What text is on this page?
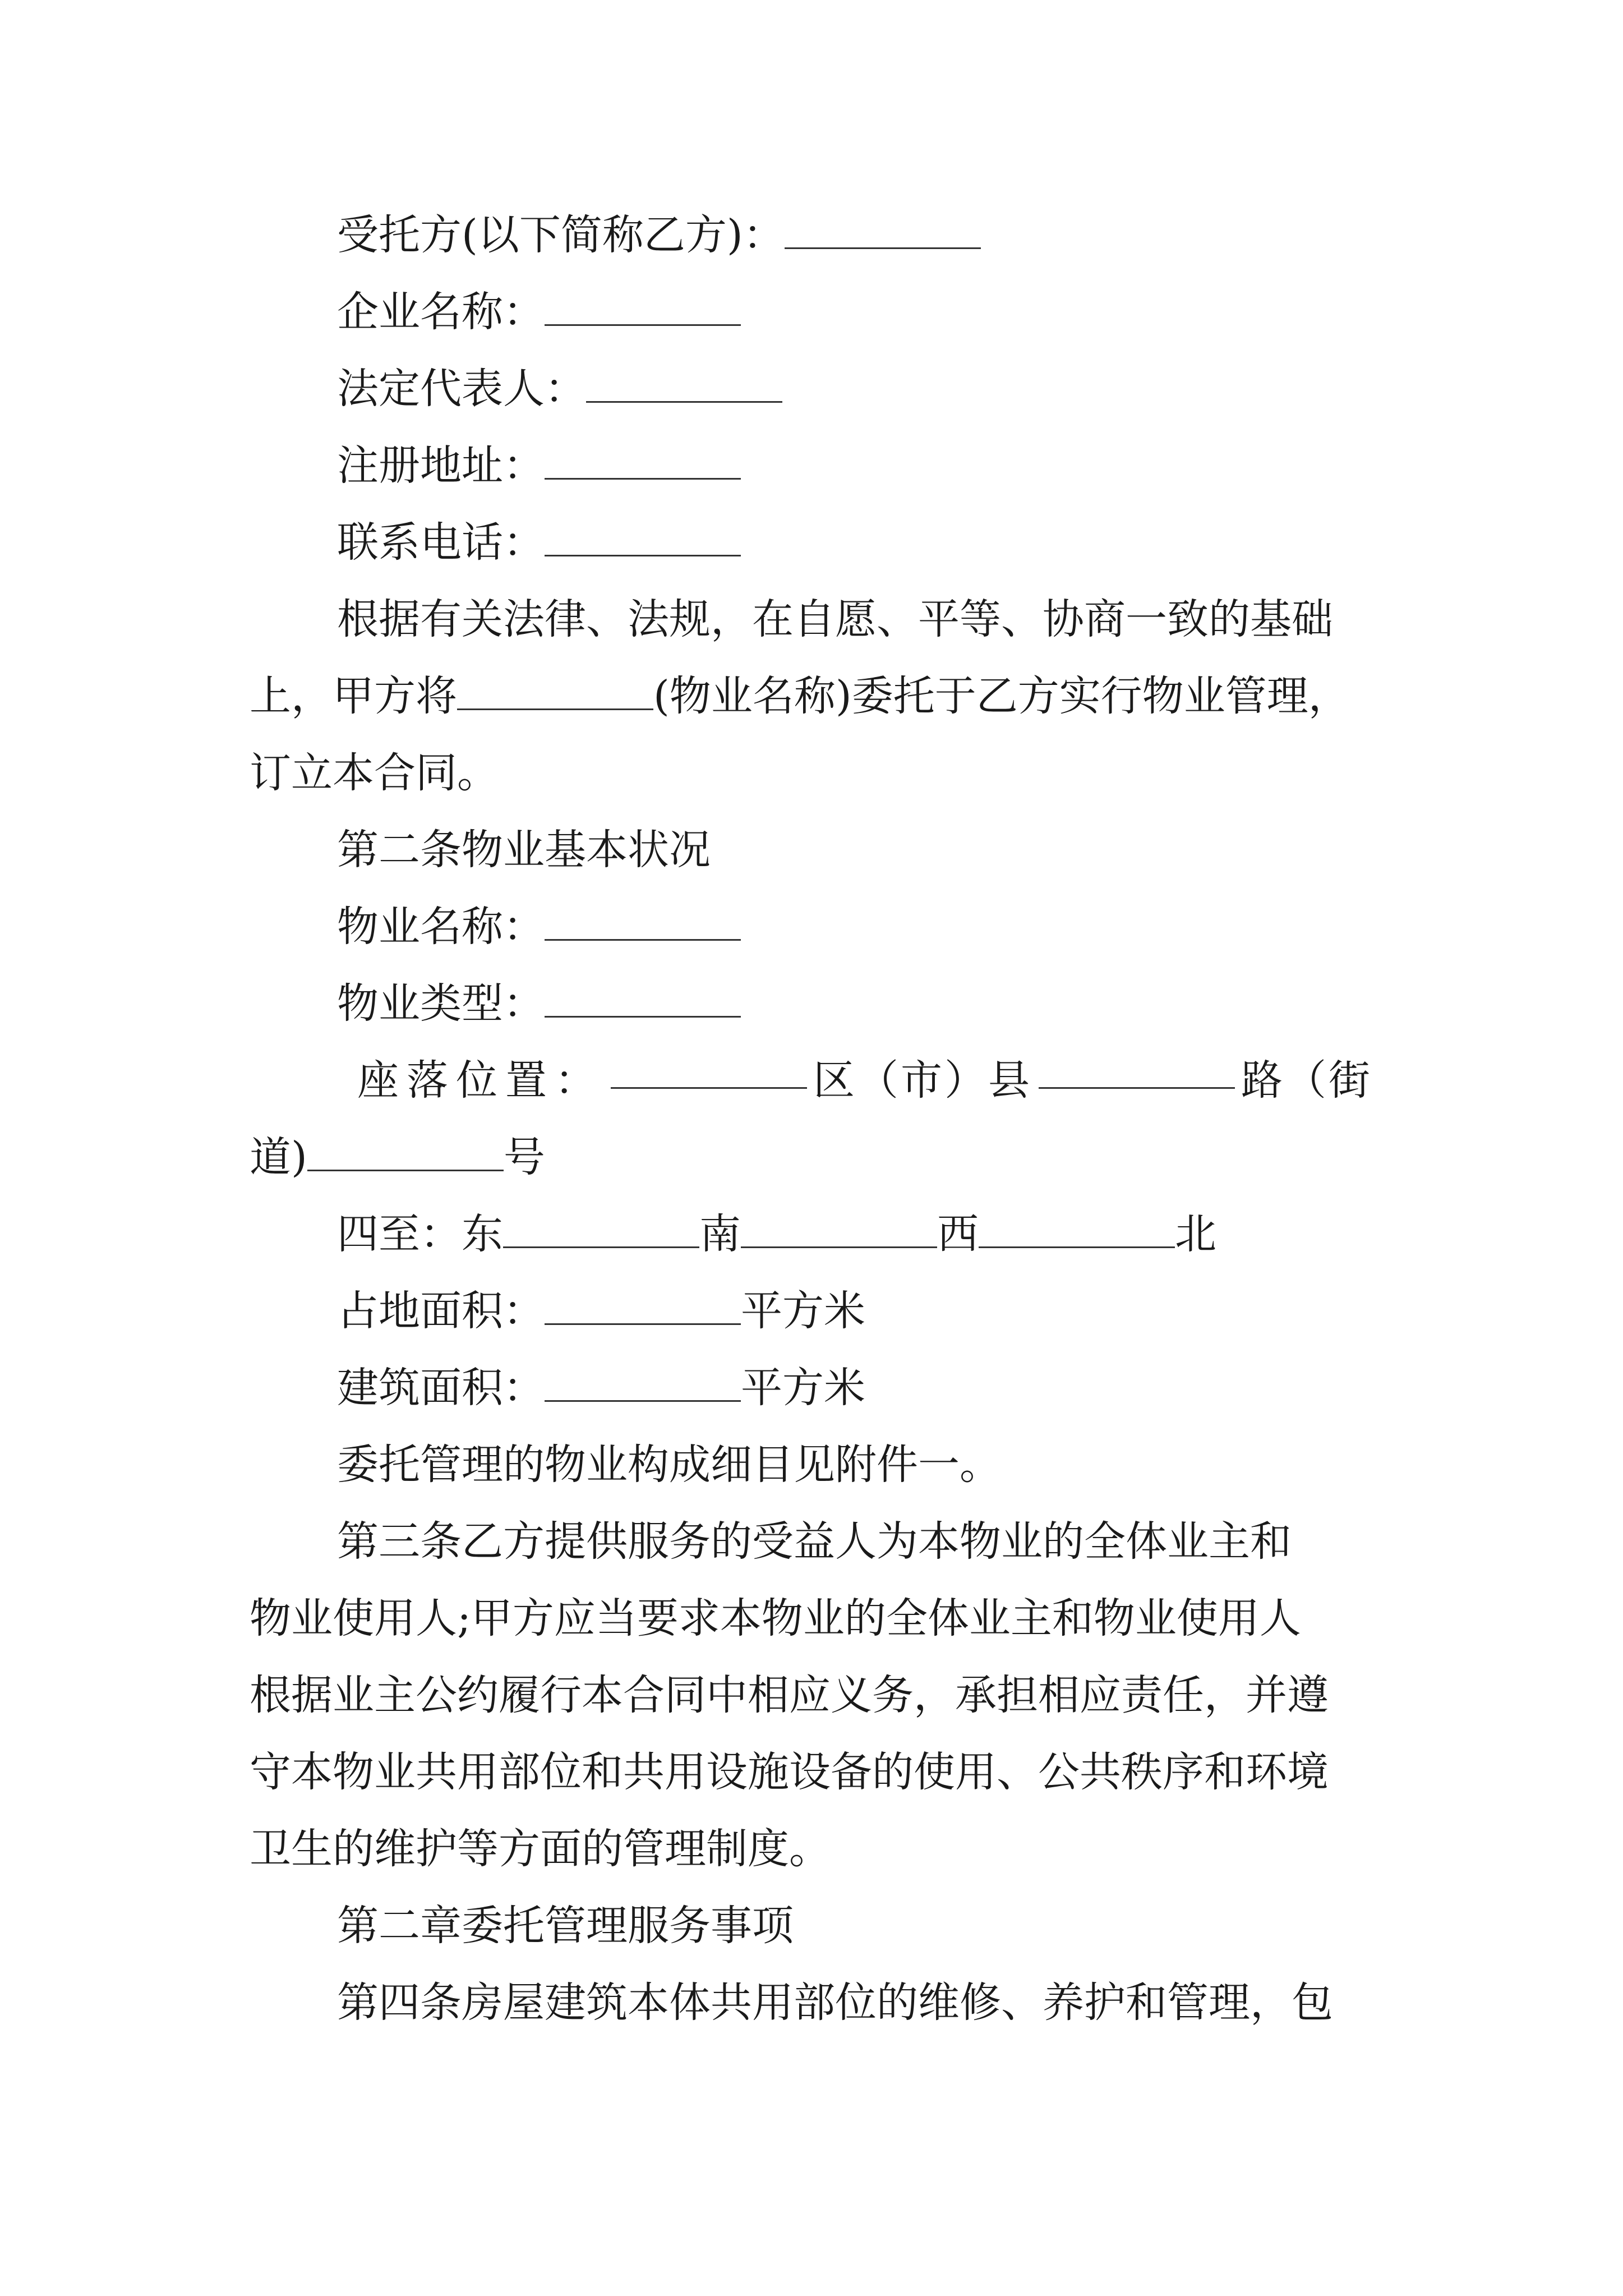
受托方(以下简称乙方)：
企业名称：
法定代表人：
注册地址：
联系电话：
根据有关法律、法规，在自愿、平等、协商一致的基础
上，甲方将	(物业名称)委托于乙方实行物业管理，
订立本合同。
第二条物业基本状况
物业名称：
物业类型：
座落位置：	区（市）县	路（街
道)	号
四至：东	南	西	北
占地面积：	平方米
建筑面积：	平方米
委托管理的物业构成细目见附件一。
第三条乙方提供服务的受益人为本物业的全体业主和
物业使用人;甲方应当要求本物业的全体业主和物业使用人
根据业主公约履行本合同中相应义务，承担相应责任，并遵
守本物业共用部位和共用设施设备的使用、公共秩序和环境
卫生的维护等方面的管理制度。
第二章委托管理服务事项
第四条房屋建筑本体共用部位的维修、养护和管理，包
